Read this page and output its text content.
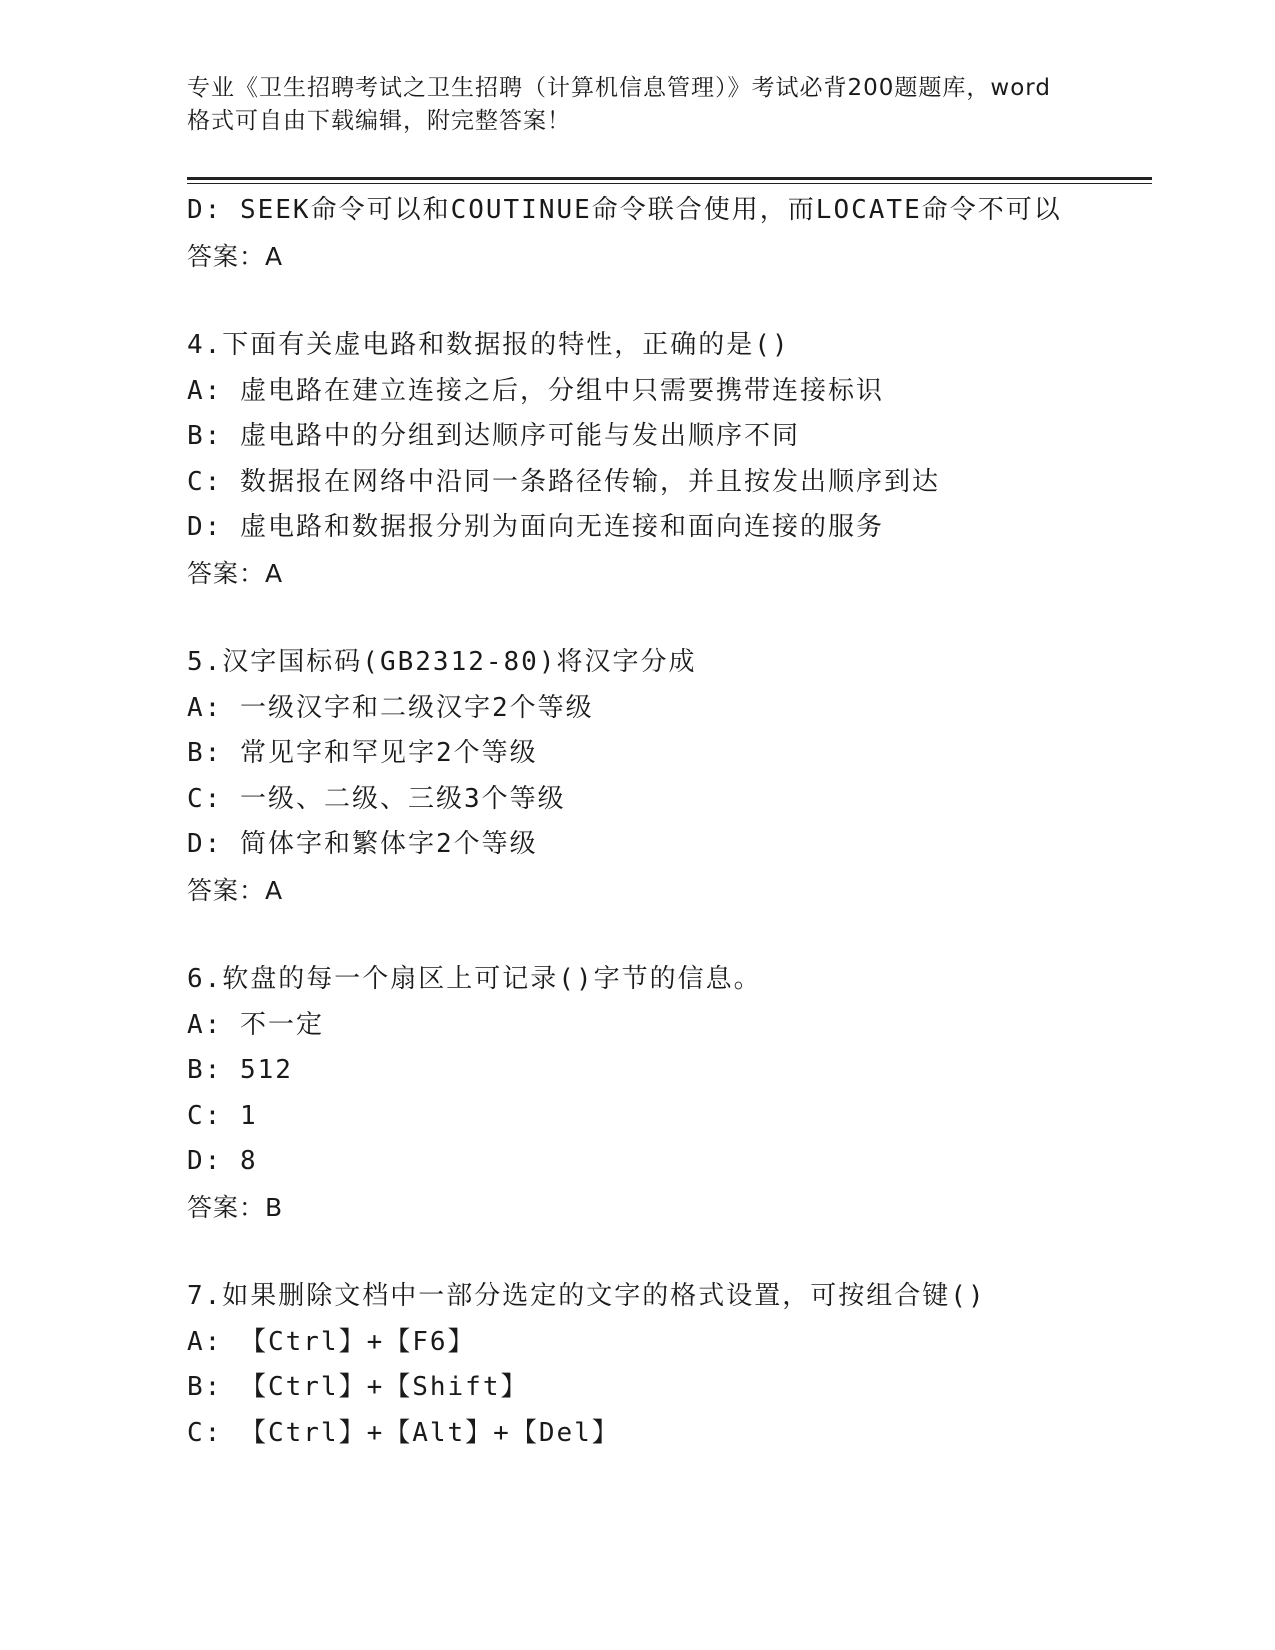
专业《卫生招聘考试之卫生招聘（计算机信息管理）》考试必背200题题库，word
格式可自由下载编辑，附完整答案！
D: SEEK命令可以和COUTINUE命令联合使用，而LOCATE命令不可以
答案：A
4.下面有关虚电路和数据报的特性，正确的是()
A: 虚电路在建立连接之后，分组中只需要携带连接标识
B: 虚电路中的分组到达顺序可能与发出顺序不同
C: 数据报在网络中沿同一条路径传输，并且按发出顺序到达
D: 虚电路和数据报分别为面向无连接和面向连接的服务
答案：A
5.汉字国标码(GB2312-80)将汉字分成
A: 一级汉字和二级汉字2个等级
B: 常见字和罕见字2个等级
C: 一级、二级、三级3个等级
D: 简体字和繁体字2个等级
答案：A
6.软盘的每一个扇区上可记录()字节的信息。
A: 不一定
B: 512
C: 1
D: 8
答案：B
7.如果删除文档中一部分选定的文字的格式设置，可按组合键()
A: 【Ctrl】+【F6】
B: 【Ctrl】+【Shift】
C: 【Ctrl】+【Alt】+【Del】
